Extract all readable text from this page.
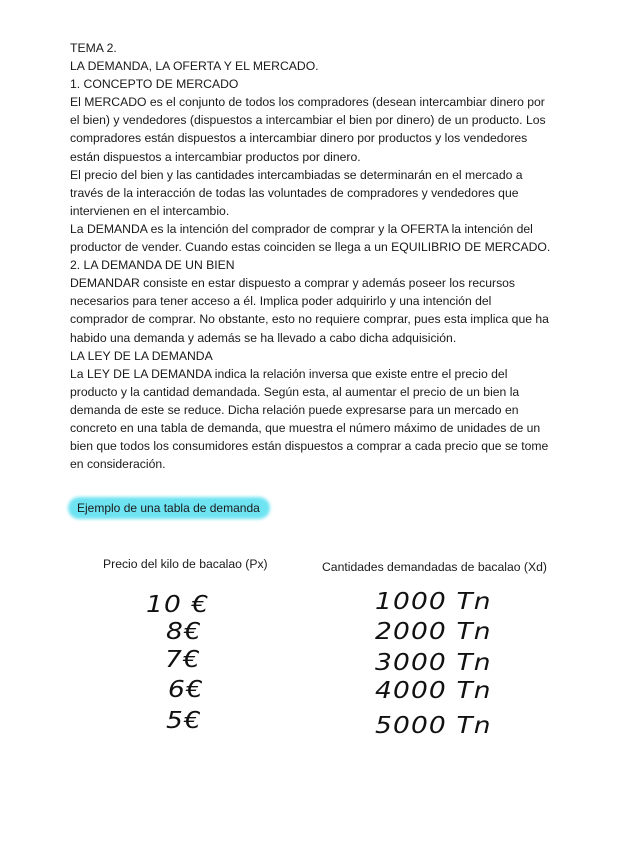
TEMA 2.
LA DEMANDA, LA OFERTA Y EL MERCADO.
1. CONCEPTO DE MERCADO
El MERCADO es el conjunto de todos los compradores (desean intercambiar dinero por
el bien) y vendedores (dispuestos a intercambiar el bien por dinero) de un producto. Los
compradores están dispuestos a intercambiar dinero por productos y los vendedores
están dispuestos a intercambiar productos por dinero.
El precio del bien y las cantidades intercambiadas se determinarán en el mercado a
través de la interacción de todas las voluntades de compradores y vendedores que
intervienen en el intercambio.
La DEMANDA es la intención del comprador de comprar y la OFERTA la intención del
productor de vender. Cuando estas coinciden se llega a un EQUILIBRIO DE MERCADO.
2. LA DEMANDA DE UN BIEN
DEMANDAR consiste en estar dispuesto a comprar y además poseer los recursos
necesarios para tener acceso a él. Implica poder adquirirlo y una intención del
comprador de comprar. No obstante, esto no requiere comprar, pues esta implica que ha
habido una demanda y además se ha llevado a cabo dicha adquisición.
LA LEY DE LA DEMANDA
La LEY DE LA DEMANDA indica la relación inversa que existe entre el precio del
producto y la cantidad demandada. Según esta, al aumentar el precio de un bien la
demanda de este se reduce. Dicha relación puede expresarse para un mercado en
concreto en una tabla de demanda, que muestra el número máximo de unidades de un
bien que todos los consumidores están dispuestos a comprar a cada precio que se tome
en consideración.
Ejemplo de una tabla de demanda
Precio del kilo de bacalao (Px)	Cantidades demandadas de bacalao (Xd)
10 €
8€
7€
6€
5€
1000 Tn
2000 Tn
3000 Tn
4000 Tn
5000 Tn
